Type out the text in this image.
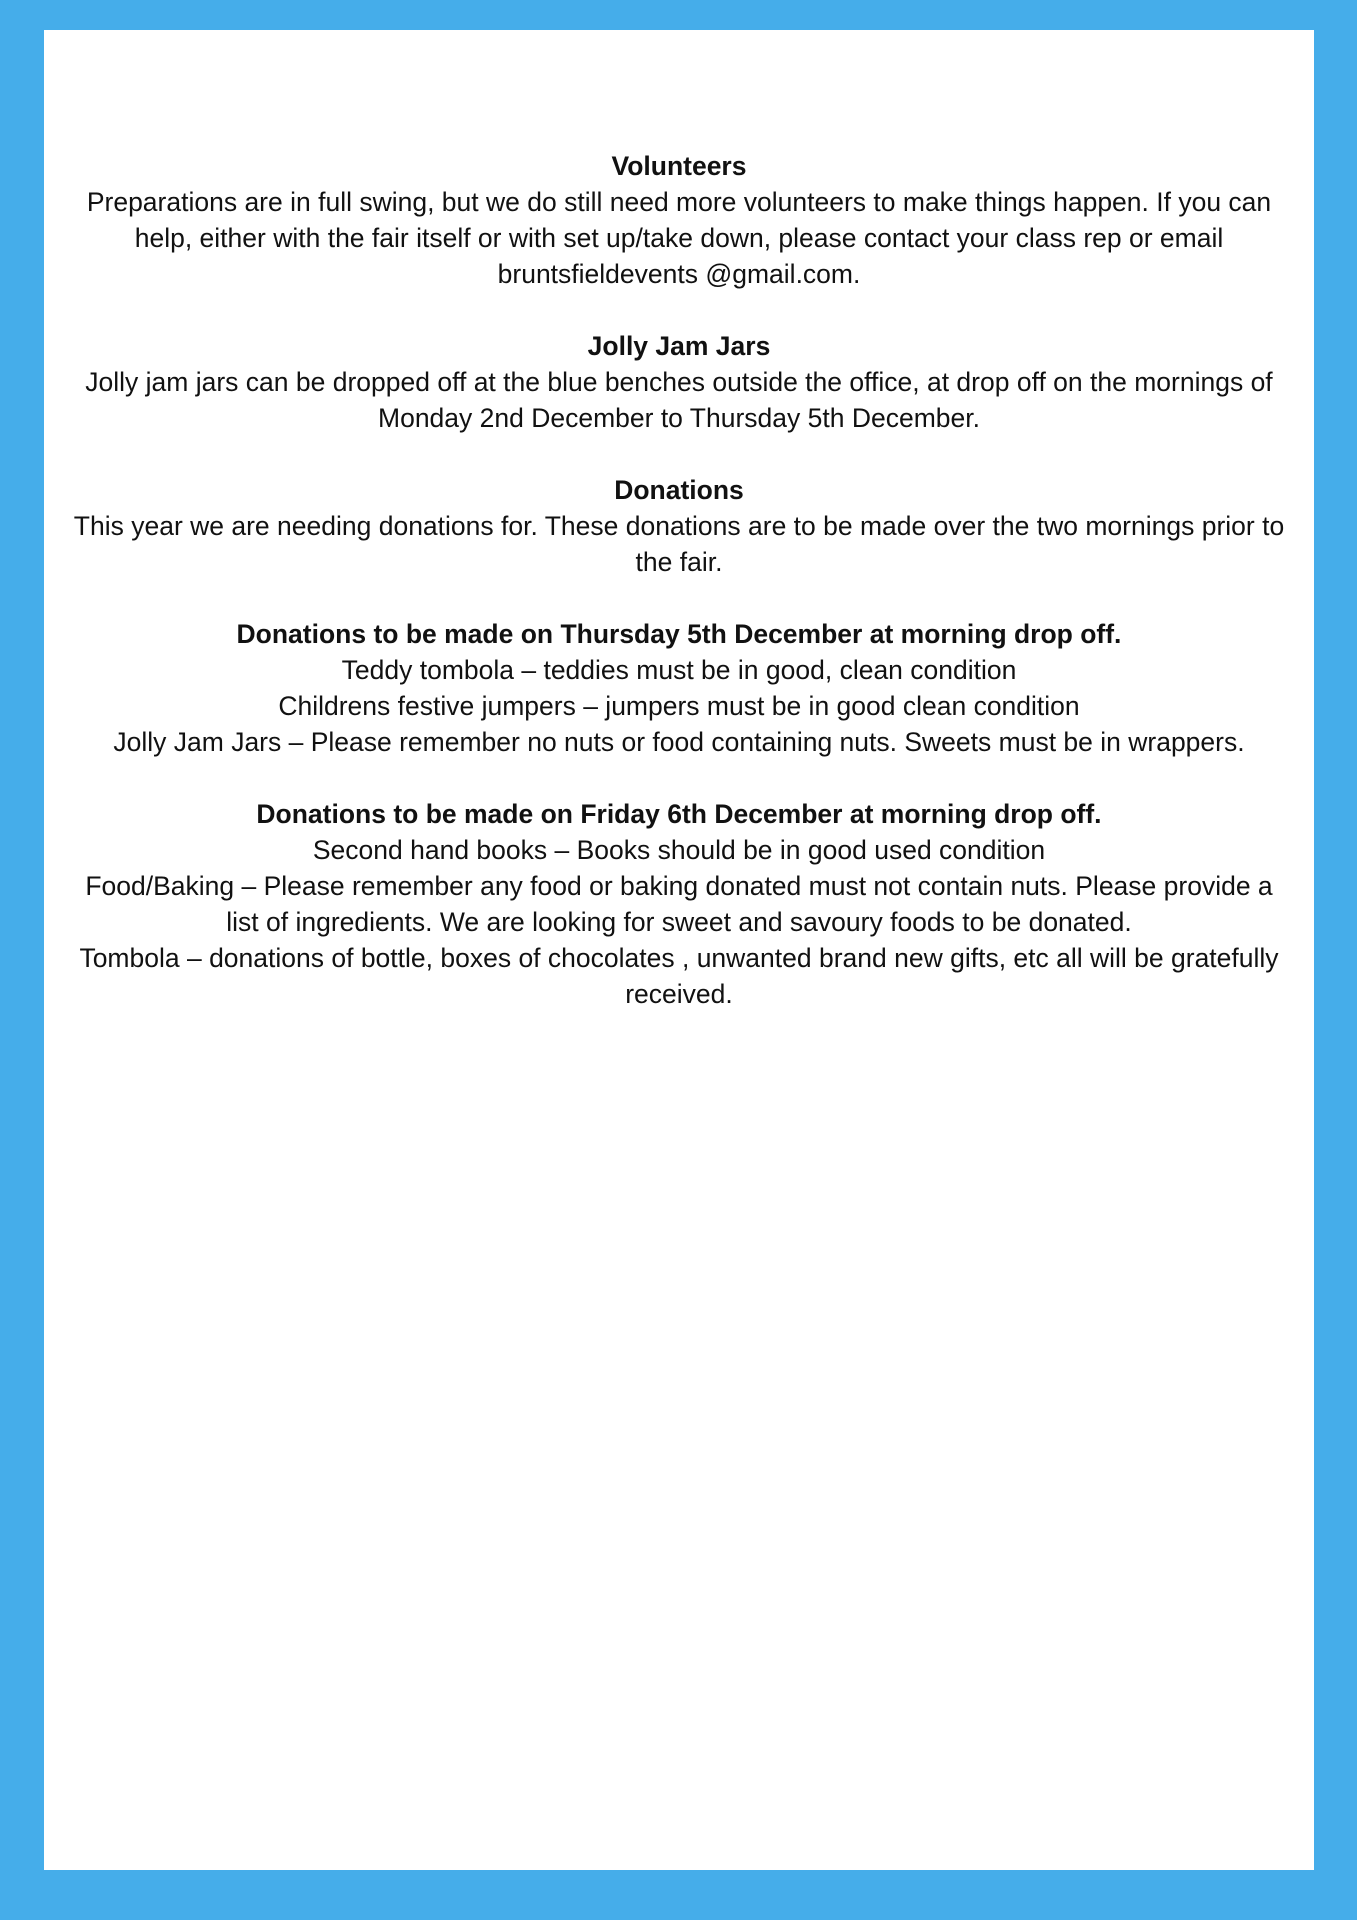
Volunteers
Preparations are in full swing, but we do still need more volunteers to make things happen. If you can help, either with the fair itself or with set up/take down, please contact your class rep or email bruntsfieldevents @gmail.com.
Jolly Jam Jars
Jolly jam jars can be dropped off at the blue benches outside the office, at drop off on the mornings of Monday 2nd December to Thursday 5th December.
Donations
This year we are needing donations for. These donations are to be made over the two mornings prior to the fair.
Donations to be made on Thursday 5th December at morning drop off.
Teddy tombola – teddies must be in good, clean condition
Childrens festive jumpers – jumpers must be in good clean condition
Jolly Jam Jars – Please remember no nuts or food containing nuts. Sweets must be in wrappers.
Donations to be made on Friday 6th December at morning drop off.
Second hand books – Books should be in good used condition
Food/Baking – Please remember any food or baking donated must not contain nuts. Please provide a list of ingredients. We are looking for sweet and savoury foods to be donated.
Tombola – donations of bottle, boxes of chocolates , unwanted brand new gifts, etc all will be gratefully received.
